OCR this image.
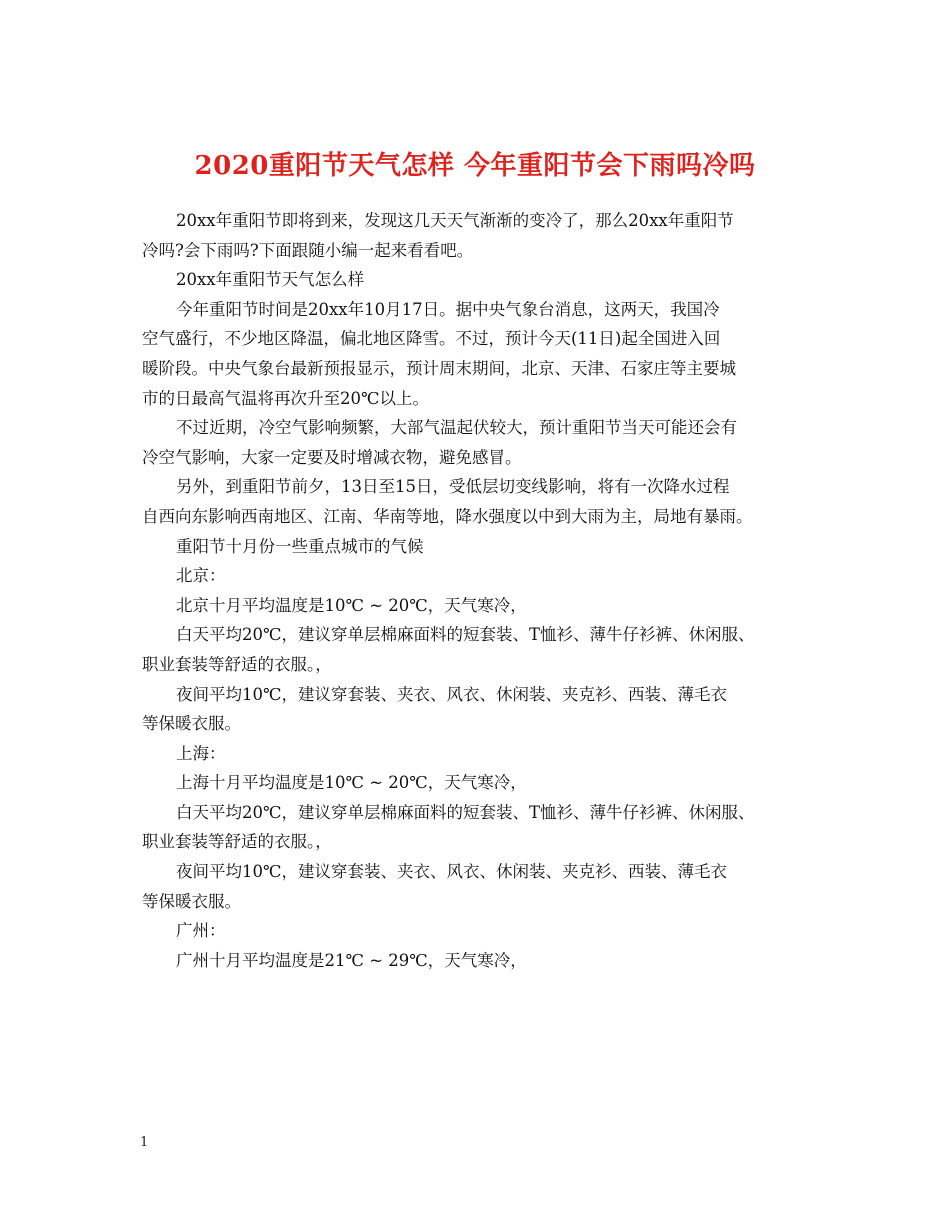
2020重阳节天气怎样 今年重阳节会下雨吗冷吗

20xx年重阳节即将到来，发现这几天天气渐渐的变冷了，那么20xx年重阳节

冷吗?会下雨吗?下面跟随小编一起来看看吧。

20xx年重阳节天气怎么样

今年重阳节时间是20xx年10月17日。据中央气象台消息，这两天，我国冷

空气盛行，不少地区降温，偏北地区降雪。不过，预计今天(11日)起全国进入回

暖阶段。中央气象台最新预报显示，预计周末期间，北京、天津、石家庄等主要城

市的日最高气温将再次升至20℃以上。

不过近期，冷空气影响频繁，大部气温起伏较大，预计重阳节当天可能还会有

冷空气影响，大家一定要及时增减衣物，避免感冒。

另外，到重阳节前夕，13日至15日，受低层切变线影响，将有一次降水过程

自西向东影响西南地区、江南、华南等地，降水强度以中到大雨为主，局地有暴雨。

重阳节十月份一些重点城市的气候

北京：

北京十月平均温度是10℃ ~ 20℃，天气寒冷，

白天平均20℃，建议穿单层棉麻面料的短套装、T恤衫、薄牛仔衫裤、休闲服、

职业套装等舒适的衣服。，

夜间平均10℃，建议穿套装、夹衣、风衣、休闲装、夹克衫、西装、薄毛衣

等保暖衣服。

上海：

上海十月平均温度是10℃ ~ 20℃，天气寒冷，

白天平均20℃，建议穿单层棉麻面料的短套装、T恤衫、薄牛仔衫裤、休闲服、

职业套装等舒适的衣服。，

夜间平均10℃，建议穿套装、夹衣、风衣、休闲装、夹克衫、西装、薄毛衣

等保暖衣服。

广州：

广州十月平均温度是21℃ ~ 29℃，天气寒冷，

1
